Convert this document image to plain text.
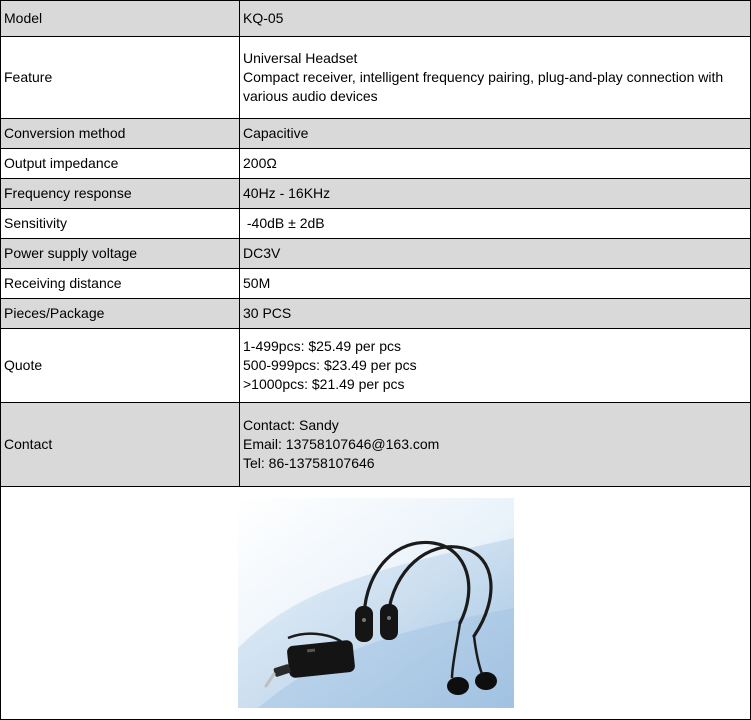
Model	KQ-05

Feature	Universal Headset
Compact receiver, intelligent frequency pairing, plug-and-play connection with various audio devices

Conversion method	Capacitive

Output impedance	200Ω

Frequency response	40Hz - 16KHz

Sensitivity	-40dB ± 2dB

Power supply voltage	DC3V

Receiving distance	50M

Pieces/Package	30 PCS

Quote	1-499pcs: $25.49 per pcs
500-999pcs: $23.49 per pcs
>1000pcs: $21.49 per pcs

Contact	Contact: Sandy
Email: 13758107646@163.com
Tel: 86-13758107646
